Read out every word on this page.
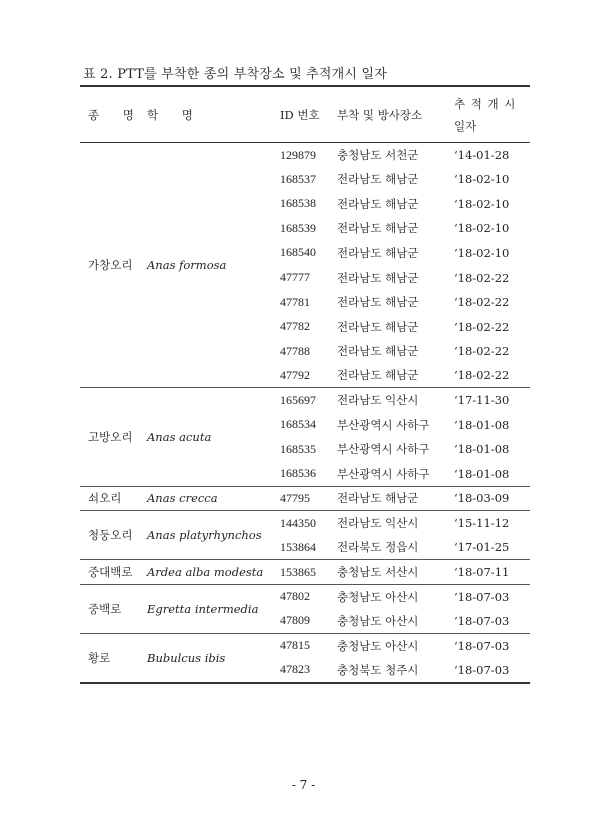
표 2. PTT를 부착한 종의 부착장소 및 추적개시 일자
종 명	학 명	ID 번호	부착 및 방사장소	추 적 개 시
일자

가창오리	Anas formosa	129879	충청남도 서천군	‘14-01-28
		168537	전라남도 해남군	‘18-02-10
		168538	전라남도 해남군	‘18-02-10
		168539	전라남도 해남군	‘18-02-10
		168540	전라남도 해남군	‘18-02-10
		47777	전라남도 해남군	‘18-02-22
		47781	전라남도 해남군	‘18-02-22
		47782	전라남도 해남군	‘18-02-22
		47788	전라남도 해남군	‘18-02-22
		47792	전라남도 해남군	‘18-02-22
고방오리	Anas acuta	165697	전라남도 익산시	‘17-11-30
		168534	부산광역시 사하구	‘18-01-08
		168535	부산광역시 사하구	‘18-01-08
		168536	부산광역시 사하구	‘18-01-08
쇠오리	Anas crecca	47795	전라남도 해남군	‘18-03-09
청둥오리	Anas platyrhynchos	144350	전라남도 익산시	‘15-11-12
		153864	전라북도 정읍시	‘17-01-25
중대백로	Ardea alba modesta	153865	충청남도 서산시	‘18-07-11
중백로	Egretta intermedia	47802	충청남도 아산시	‘18-07-03
		47809	충청남도 아산시	‘18-07-03
황로	Bubulcus ibis	47815	충청남도 아산시	‘18-07-03
		47823	충청북도 청주시	‘18-07-03
- 7 -
